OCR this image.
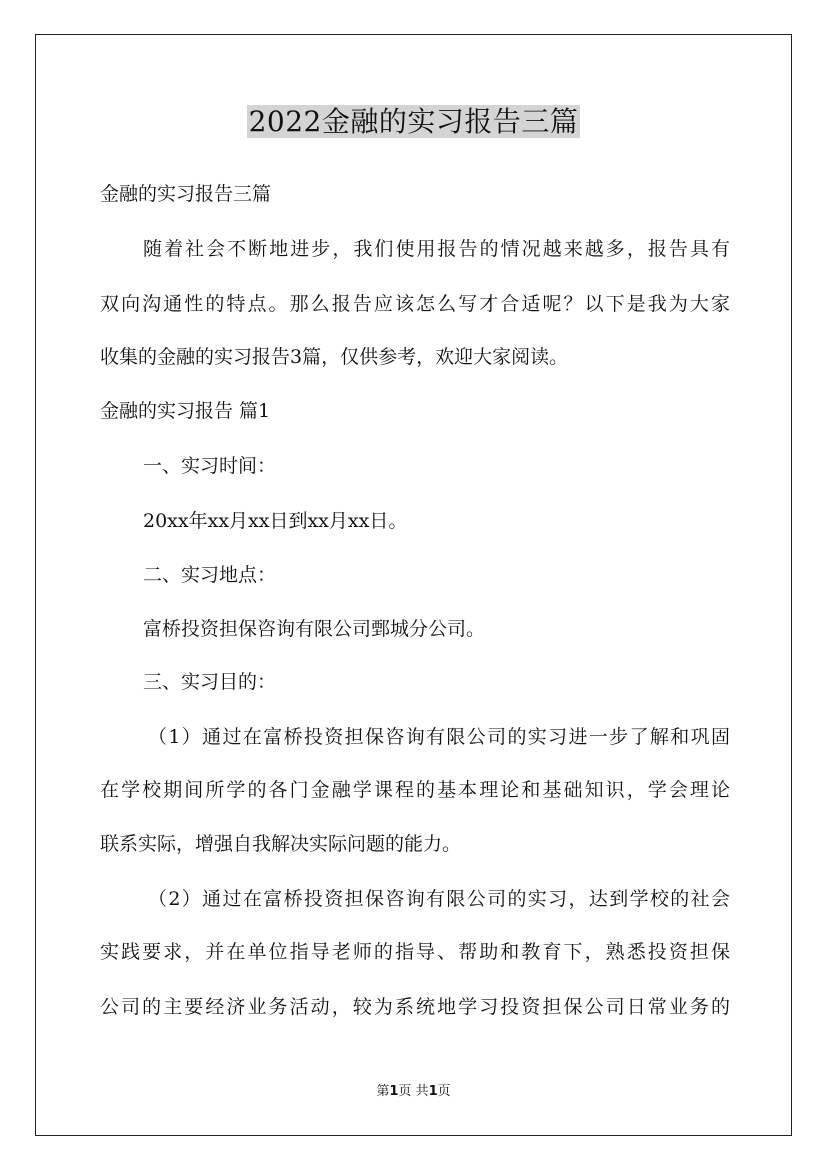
2022金融的实习报告三篇

金融的实习报告三篇

随着社会不断地进步，我们使用报告的情况越来越多，报告具有

双向沟通性的特点。那么报告应该怎么写才合适呢？以下是我为大家

收集的金融的实习报告3篇，仅供参考，欢迎大家阅读。

金融的实习报告 篇1

一、实习时间：

20xx年xx月xx日到xx月xx日。

二、实习地点：

富桥投资担保咨询有限公司鄄城分公司。

三、实习目的：

（1）通过在富桥投资担保咨询有限公司的实习进一步了解和巩固

在学校期间所学的各门金融学课程的基本理论和基础知识，学会理论

联系实际，增强自我解决实际问题的能力。

（2）通过在富桥投资担保咨询有限公司的实习，达到学校的社会

实践要求，并在单位指导老师的指导、帮助和教育下，熟悉投资担保

公司的主要经济业务活动，较为系统地学习投资担保公司日常业务的

第1页 共1页
